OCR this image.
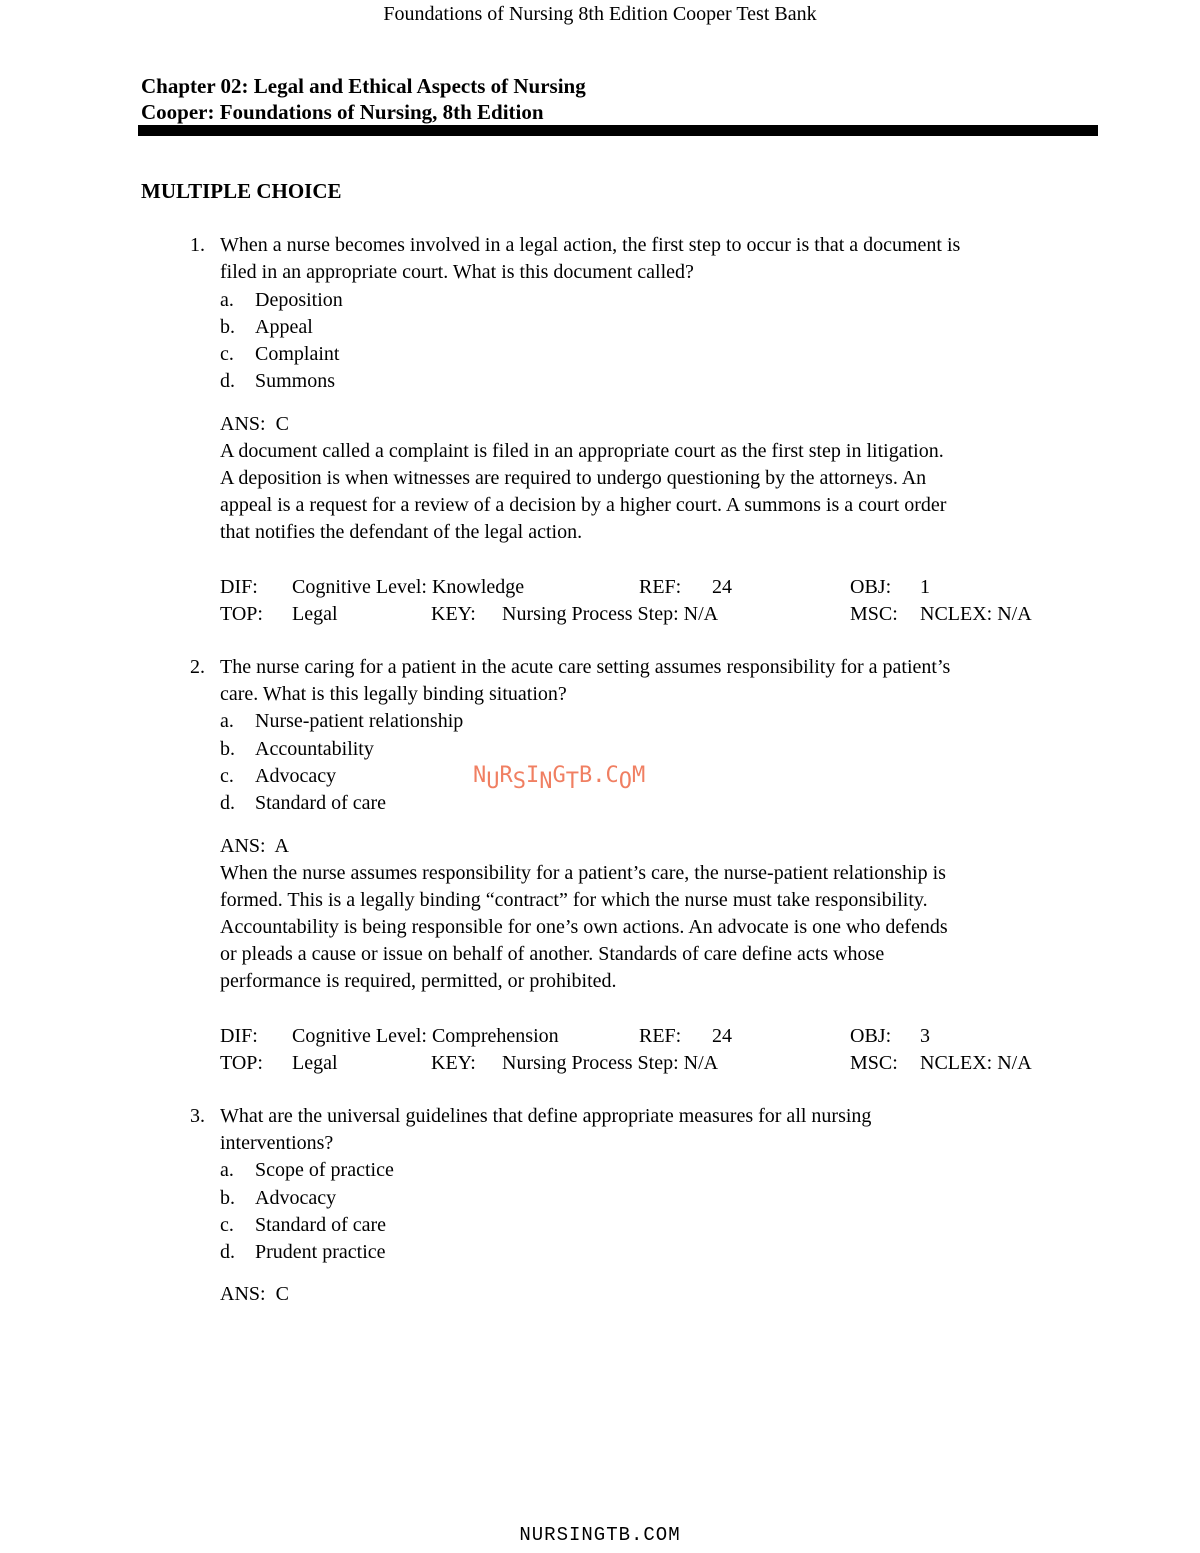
Foundations of Nursing 8th Edition Cooper Test Bank
Chapter 02: Legal and Ethical Aspects of Nursing
Cooper: Foundations of Nursing, 8th Edition
MULTIPLE CHOICE
1. When a nurse becomes involved in a legal action, the first step to occur is that a document is
filed in an appropriate court. What is this document called?
a.	Deposition
b.	Appeal
c.	Complaint
d.	Summons
ANS:  C
A document called a complaint is filed in an appropriate court as the first step in litigation.
A deposition is when witnesses are required to undergo questioning by the attorneys. An
appeal is a request for a review of a decision by a higher court. A summons is a court order
that notifies the defendant of the legal action.
DIF: Cognitive Level: Knowledge	REF: 24	OBJ: 1
TOP: Legal	KEY: Nursing Process Step: N/A	MSC: NCLEX: N/A
2. The nurse caring for a patient in the acute care setting assumes responsibility for a patient’s
care. What is this legally binding situation?
a.	Nurse-patient relationship
b.	Accountability
c.	Advocacy
d.	Standard of care
ANS:  A
When the nurse assumes responsibility for a patient’s care, the nurse-patient relationship is
formed. This is a legally binding “contract” for which the nurse must take responsibility.
Accountability is being responsible for one’s own actions. An advocate is one who defends
or pleads a cause or issue on behalf of another. Standards of care define acts whose
performance is required, permitted, or prohibited.
DIF: Cognitive Level: Comprehension	REF: 24	OBJ: 3
TOP: Legal	KEY: Nursing Process Step: N/A	MSC: NCLEX: N/A
NURSINGTB.COM
3. What are the universal guidelines that define appropriate measures for all nursing
interventions?
a.	Scope of practice
b.	Advocacy
c.	Standard of care
d.	Prudent practice
ANS:  C
NURSINGTB.COM
